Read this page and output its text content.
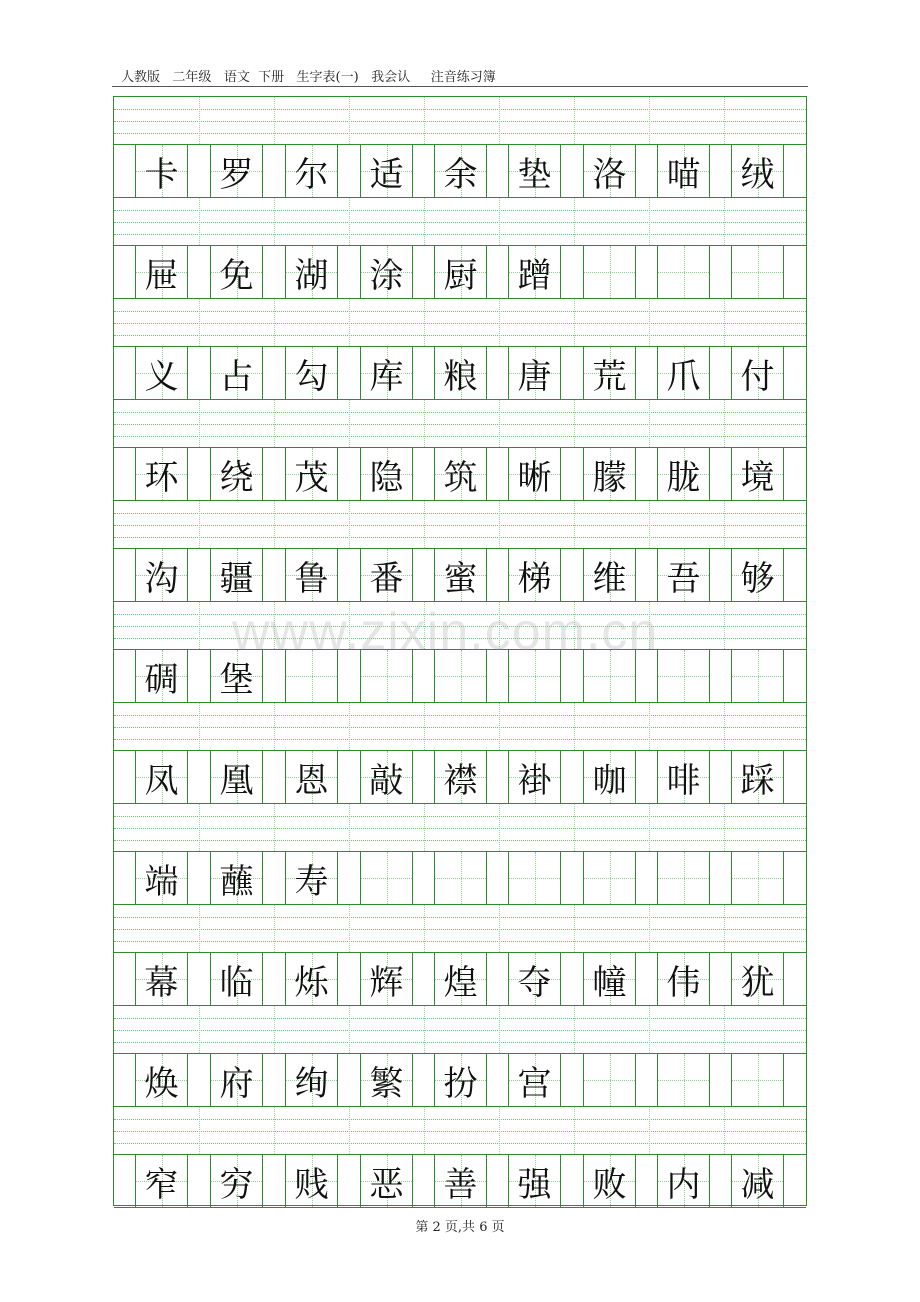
人教版 二年级 语文 下册 生字表(一) 我会认 注音练习簿
卡 罗 尔 适 余 垫 洛 喵 绒
屉 免 湖 涂 厨 蹭
义 占 勾 库 粮 唐 荒 爪 付
环 绕 茂 隐 筑 晰 朦 胧 境
沟 疆 鲁 番 蜜 梯 维 吾 够
碉 堡
凤 凰 恩 敲 襟 褂 咖 啡 踩
端 蘸 寿
幕 临 烁 辉 煌 夺 幢 伟 犹
焕 府 绚 繁 扮 宫
窄 穷 贱 恶 善 强 败 内 减
www.zixin.com.cn
第 2 页,共 6 页
